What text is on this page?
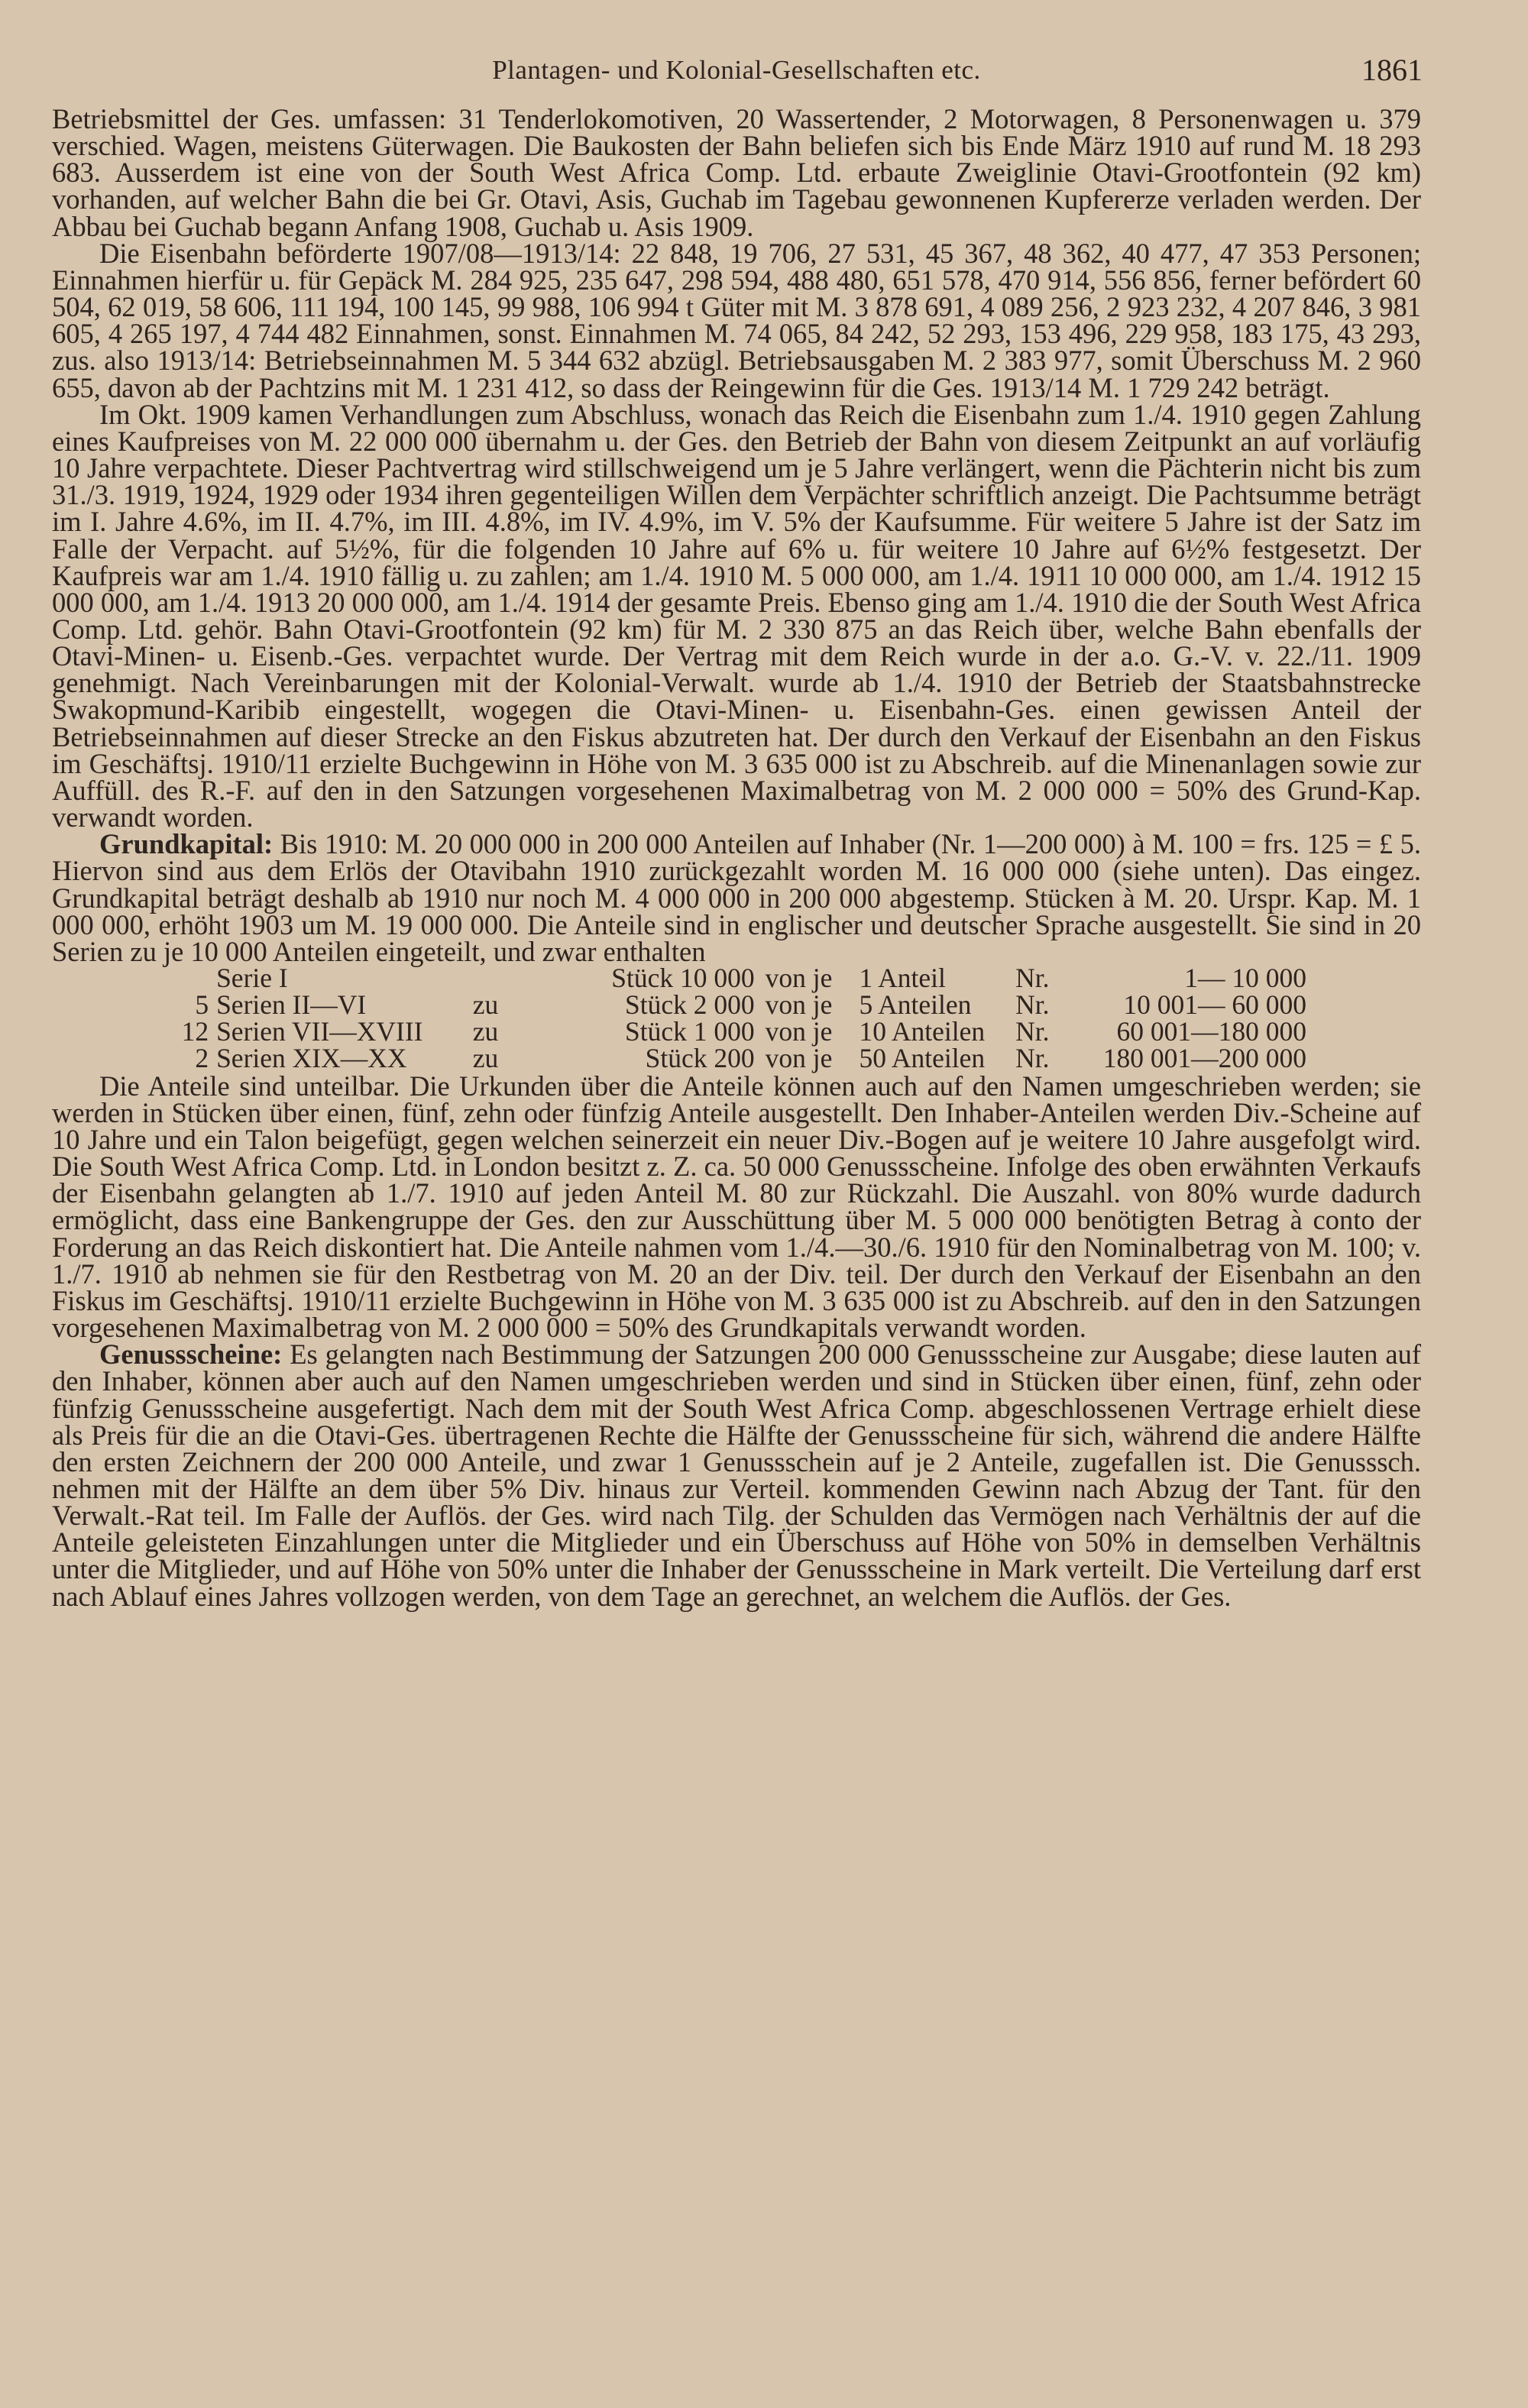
Plantagen- und Kolonial-Gesellschaften etc.	1861

Betriebsmittel der Ges. umfassen: 31 Tenderlokomotiven, 20 Wassertender, 2 Motorwagen, 8 Personenwagen u. 379 verschied. Wagen, meistens Güterwagen. Die Baukosten der Bahn beliefen sich bis Ende März 1910 auf rund M. 18 293 683. Ausserdem ist eine von der South West Africa Comp. Ltd. erbaute Zweiglinie Otavi-Grootfontein (92 km) vorhanden, auf welcher Bahn die bei Gr. Otavi, Asis, Guchab im Tagebau gewonnenen Kupfererze verladen werden. Der Abbau bei Guchab begann Anfang 1908, Guchab u. Asis 1909.

Die Eisenbahn beförderte 1907/08—1913/14: 22 848, 19 706, 27 531, 45 367, 48 362, 40 477, 47 353 Personen; Einnahmen hierfür u. für Gepäck M. 284 925, 235 647, 298 594, 488 480, 651 578, 470 914, 556 856, ferner befördert 60 504, 62 019, 58 606, 111 194, 100 145, 99 988, 106 994 t Güter mit M. 3 878 691, 4 089 256, 2 923 232, 4 207 846, 3 981 605, 4 265 197, 4 744 482 Einnahmen, sonst. Einnahmen M. 74 065, 84 242, 52 293, 153 496, 229 958, 183 175, 43 293, zus. also 1913/14: Betriebseinnahmen M. 5 344 632 abzügl. Betriebsausgaben M. 2 383 977, somit Überschuss M. 2 960 655, davon ab der Pachtzins mit M. 1 231 412, so dass der Reingewinn für die Ges. 1913/14 M. 1 729 242 beträgt.

Im Okt. 1909 kamen Verhandlungen zum Abschluss, wonach das Reich die Eisenbahn zum 1./4. 1910 gegen Zahlung eines Kaufpreises von M. 22 000 000 übernahm u. der Ges. den Betrieb der Bahn von diesem Zeitpunkt an auf vorläufig 10 Jahre verpachtete. Dieser Pachtvertrag wird stillschweigend um je 5 Jahre verlängert, wenn die Pächterin nicht bis zum 31./3. 1919, 1924, 1929 oder 1934 ihren gegenteiligen Willen dem Verpächter schriftlich anzeigt. Die Pachtsumme beträgt im I. Jahre 4.6%, im II. 4.7%, im III. 4.8%, im IV. 4.9%, im V. 5% der Kaufsumme. Für weitere 5 Jahre ist der Satz im Falle der Verpacht. auf 5½%, für die folgenden 10 Jahre auf 6% u. für weitere 10 Jahre auf 6½% festgesetzt. Der Kaufpreis war am 1./4. 1910 fällig u. zu zahlen; am 1./4. 1910 M. 5 000 000, am 1./4. 1911 10 000 000, am 1./4. 1912 15 000 000, am 1./4. 1913 20 000 000, am 1./4. 1914 der gesamte Preis. Ebenso ging am 1./4. 1910 die der South West Africa Comp. Ltd. gehör. Bahn Otavi-Grootfontein (92 km) für M. 2 330 875 an das Reich über, welche Bahn ebenfalls der Otavi-Minen- u. Eisenb.-Ges. verpachtet wurde. Der Vertrag mit dem Reich wurde in der a.o. G.-V. v. 22./11. 1909 genehmigt. Nach Vereinbarungen mit der Kolonial-Verwalt. wurde ab 1./4. 1910 der Betrieb der Staatsbahnstrecke Swakopmund-Karibib eingestellt, wogegen die Otavi-Minen- u. Eisenbahn-Ges. einen gewissen Anteil der Betriebseinnahmen auf dieser Strecke an den Fiskus abzutreten hat. Der durch den Verkauf der Eisenbahn an den Fiskus im Geschäftsj. 1910/11 erzielte Buchgewinn in Höhe von M. 3 635 000 ist zu Abschreib. auf die Minenanlagen sowie zur Auffüll. des R.-F. auf den in den Satzungen vorgesehenen Maximalbetrag von M. 2 000 000 = 50% des Grund-Kap. verwandt worden.

Grundkapital: Bis 1910: M. 20 000 000 in 200 000 Anteilen auf Inhaber (Nr. 1—200 000) à M. 100 = frs. 125 = £ 5. Hiervon sind aus dem Erlös der Otavibahn 1910 zurückgezahlt worden M. 16 000 000 (siehe unten). Das eingez. Grundkapital beträgt deshalb ab 1910 nur noch M. 4 000 000 in 200 000 abgestemp. Stücken à M. 20. Urspr. Kap. M. 1 000 000, erhöht 1903 um M. 19 000 000. Die Anteile sind in englischer und deutscher Sprache ausgestellt. Sie sind in 20 Serien zu je 10 000 Anteilen eingeteilt, und zwar enthalten

	Serie I		Stück 10 000	von je	1 Anteil	Nr.	1— 10 000
5	Serien II—VI	zu	Stück 2 000	von je	5 Anteilen	Nr.	10 001— 60 000
12	Serien VII—XVIII	zu	Stück 1 000	von je	10 Anteilen	Nr.	60 001—180 000
2	Serien XIX—XX	zu	Stück 200	von je	50 Anteilen	Nr.	180 001—200 000

Die Anteile sind unteilbar. Die Urkunden über die Anteile können auch auf den Namen umgeschrieben werden; sie werden in Stücken über einen, fünf, zehn oder fünfzig Anteile ausgestellt. Den Inhaber-Anteilen werden Div.-Scheine auf 10 Jahre und ein Talon beigefügt, gegen welchen seinerzeit ein neuer Div.-Bogen auf je weitere 10 Jahre ausgefolgt wird. Die South West Africa Comp. Ltd. in London besitzt z. Z. ca. 50 000 Genussscheine. Infolge des oben erwähnten Verkaufs der Eisenbahn gelangten ab 1./7. 1910 auf jeden Anteil M. 80 zur Rückzahl. Die Auszahl. von 80% wurde dadurch ermöglicht, dass eine Bankengruppe der Ges. den zur Ausschüttung über M. 5 000 000 benötigten Betrag à conto der Forderung an das Reich diskontiert hat. Die Anteile nahmen vom 1./4.—30./6. 1910 für den Nominalbetrag von M. 100; v. 1./7. 1910 ab nehmen sie für den Restbetrag von M. 20 an der Div. teil. Der durch den Verkauf der Eisenbahn an den Fiskus im Geschäftsj. 1910/11 erzielte Buchgewinn in Höhe von M. 3 635 000 ist zu Abschreib. auf den in den Satzungen vorgesehenen Maximalbetrag von M. 2 000 000 = 50% des Grundkapitals verwandt worden.

Genussscheine: Es gelangten nach Bestimmung der Satzungen 200 000 Genussscheine zur Ausgabe; diese lauten auf den Inhaber, können aber auch auf den Namen umgeschrieben werden und sind in Stücken über einen, fünf, zehn oder fünfzig Genussscheine ausgefertigt. Nach dem mit der South West Africa Comp. abgeschlossenen Vertrage erhielt diese als Preis für die an die Otavi-Ges. übertragenen Rechte die Hälfte der Genussscheine für sich, während die andere Hälfte den ersten Zeichnern der 200 000 Anteile, und zwar 1 Genussschein auf je 2 Anteile, zugefallen ist. Die Genusssch. nehmen mit der Hälfte an dem über 5% Div. hinaus zur Verteil. kommenden Gewinn nach Abzug der Tant. für den Verwalt.-Rat teil. Im Falle der Auflös. der Ges. wird nach Tilg. der Schulden das Vermögen nach Verhältnis der auf die Anteile geleisteten Einzahlungen unter die Mitglieder und ein Überschuss auf Höhe von 50% in demselben Verhältnis unter die Mitglieder, und auf Höhe von 50% unter die Inhaber der Genussscheine in Mark verteilt. Die Verteilung darf erst nach Ablauf eines Jahres vollzogen werden, von dem Tage an gerechnet, an welchem die Auflös. der Ges.
